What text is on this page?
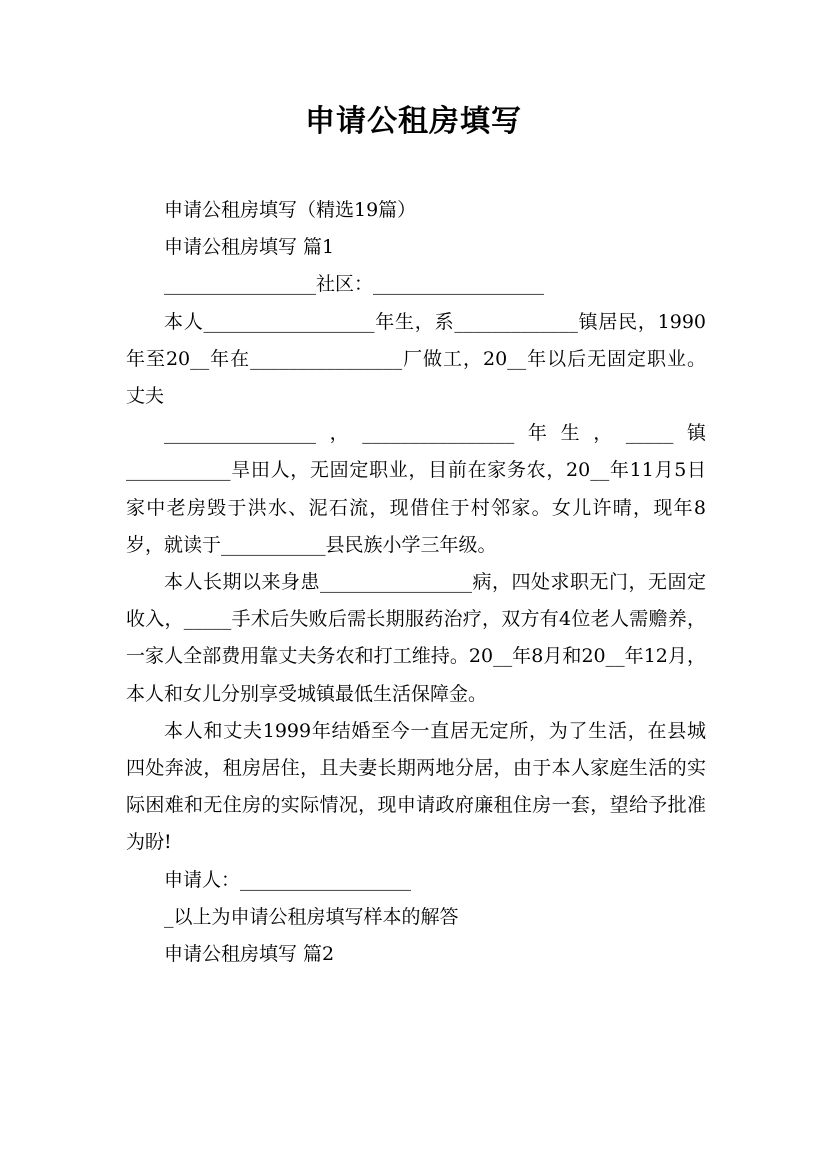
申请公租房填写

申请公租房填写（精选19篇）

申请公租房填写 篇1

________________社区：__________________

本人__________________年生，系_____________镇居民，1990年至20__年在________________厂做工，20__年以后无固定职业。丈夫

________________，________________年生，_____镇

___________旱田人，无固定职业，目前在家务农，20__年11月5日家中老房毁于洪水、泥石流，现借住于村邻家。女儿许晴，现年8岁，就读于___________县民族小学三年级。

本人长期以来身患________________病，四处求职无门，无固定收入，_____手术后失败后需长期服药治疗，双方有4位老人需赡养，一家人全部费用靠丈夫务农和打工维持。20__年8月和20__年12月，本人和女儿分别享受城镇最低生活保障金。

本人和丈夫1999年结婚至今一直居无定所，为了生活，在县城四处奔波，租房居住，且夫妻长期两地分居，由于本人家庭生活的实际困难和无住房的实际情况，现申请政府廉租住房一套，望给予批准为盼!

申请人：__________________

_以上为申请公租房填写样本的解答

申请公租房填写 篇2
